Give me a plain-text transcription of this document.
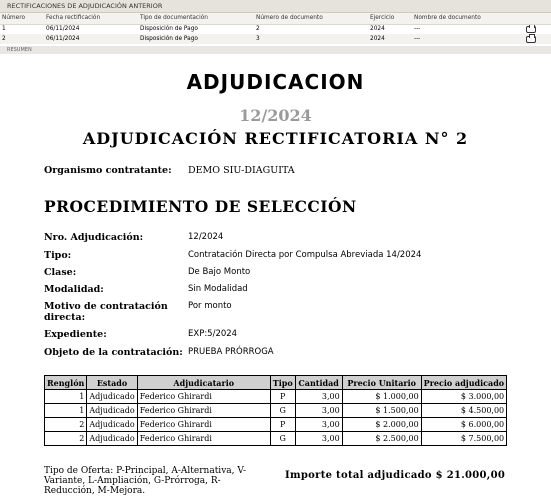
RECTIFICACIONES DE ADJUDICACIÓN ANTERIOR
Número	Fecha rectificación	Tipo de documentación	Número de documento	Ejercicio	Nombre de documento	
1	06/11/2024	Disposición de Pago	2	2024	---	
2	06/11/2024	Disposición de Pago	3	2024	---	
RESUMEN
ADJUDICACION
12/2024
ADJUDICACIÓN RECTIFICATORIA N° 2
Organismo contratante:	DEMO SIU-DIAGUITA
PROCEDIMIENTO DE SELECCIÓN
Nro. Adjudicación:	12/2024
Tipo:	Contratación Directa por Compulsa Abreviada 14/2024
Clase:	De Bajo Monto
Modalidad:	Sin Modalidad
Motivo de contratación directa:
Por monto
Expediente:	EXP:5/2024
Objeto de la contratación: PRUEBA PRÓRROGA
Renglón	Estado	Adjudicatario	Tipo	Cantidad	Precio Unitario	Precio adjudicado
1	Adjudicado	Federico Ghirardi	P	3,00	$ 1.000,00	$ 3.000,00
1	Adjudicado	Federico Ghirardi	G	3,00	$ 1.500,00	$ 4.500,00
2	Adjudicado	Federico Ghirardi	P	3,00	$ 2.000,00	$ 6.000,00
2	Adjudicado	Federico Ghirardi	G	3,00	$ 2.500,00	$ 7.500,00
Tipo de Oferta: P-Principal, A-Alternativa, V-Variante, L-Ampliación, G-Prórroga, R-Reducción, M-Mejora.
Importe total adjudicado $ 21.000,00
